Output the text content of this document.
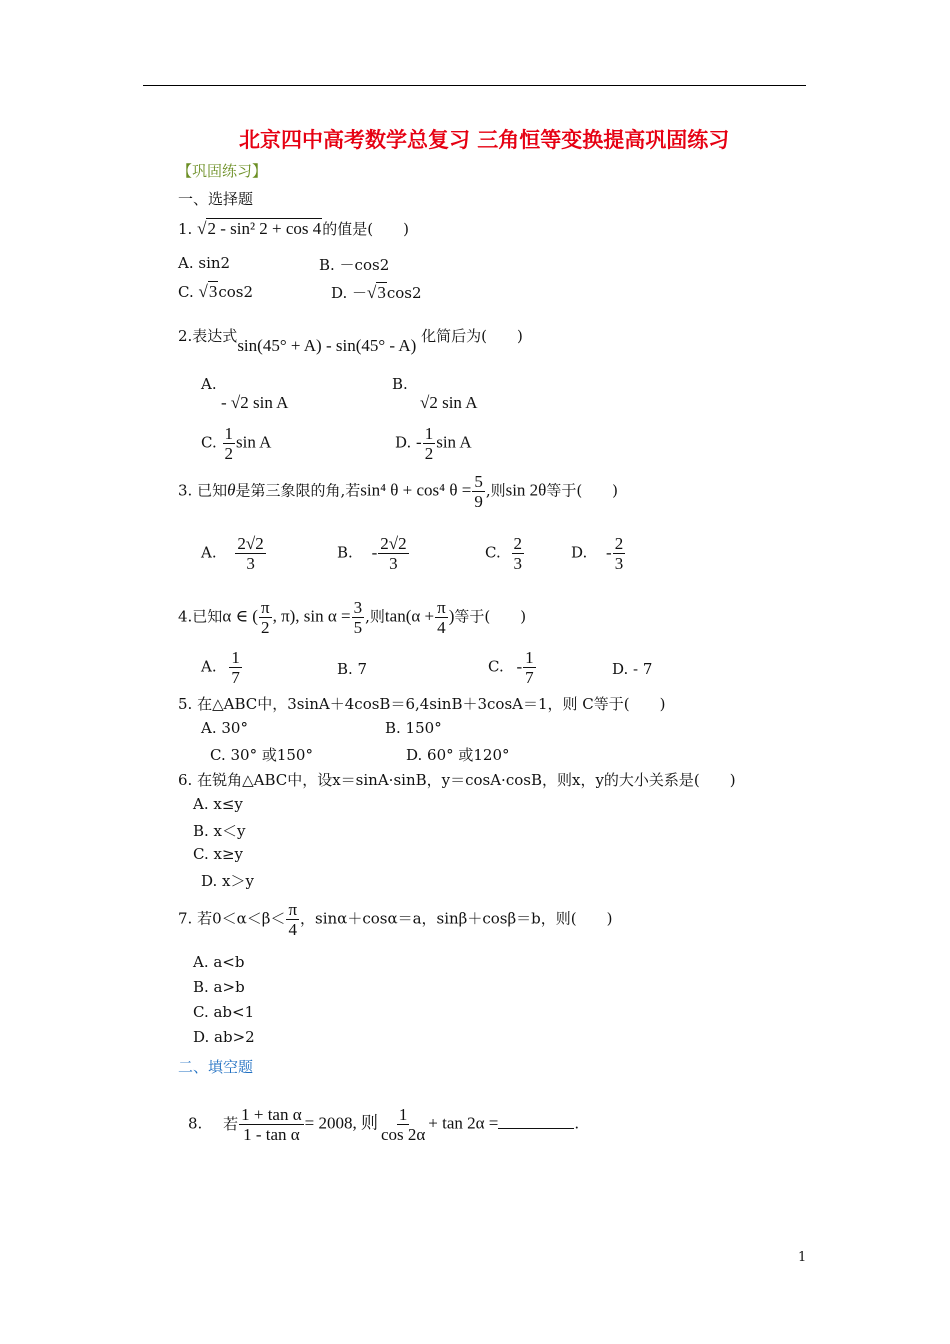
北京四中高考数学总复习 三角恒等变换提高巩固练习
【巩固练习】
一、选择题
1. √2 - sin² 2 + cos 4的值是(　　)
A. sin2	B. －cos2
C. √3cos2	D. －√3cos2
2.表达式sin(45° + A) - sin(45° - A) 化简后为(　　)
A.
- √2 sin A
B.
√2 sin A
C. $\frac{1}{2}$ sin A	D. - $\frac{1}{2}$ sin A
3. 已知θ是第三象限的角,若sin⁴ θ + cos⁴ $\theta = \frac{5}{9}$ ,则sin 2θ等于(　　)
A. $\frac{2√2}{3}$	B. - $\frac{2√2}{3}$	C. $\frac{2}{3}$	D. - $\frac{2}{3}$
4.已知α ∈ ( $\frac{\pi}{2}$ , π), $\sin \alpha = \frac{3}{5}$ ,则$\tan(\alpha + \frac{\pi}{4}$ )等于(　　)
A. $\frac{1}{7}$	B. 7	C. - $\frac{1}{7}$	D. - 7
5. 在△ABC中，3sinA＋4cosB＝6,4sinB＋3cosA＝1，则 C等于(　　)
A. 30°	B. 150°
C. 30° 或150°	D. 60° 或120°
6. 在锐角△ABC中，设x＝sinA·sinB，y＝cosA·cosB，则x，y的大小关系是(　　)
A. x≤y
B. x＜y
C. x≥y
D. x＞y
7. 若$0<\alpha<\beta< \frac{\pi}{4}$ ，sinα＋cosα＝a，sinβ＋cosβ＝b，则(　　)
A. a<b
B. a>b
C. ab<1
D. ab>2
二、填空题
8. 若 $\frac{\text{1 + tan α}}{\text{1 - tan α}} = 2008$, 则 $\frac{1}{\cos 2\alpha} + \tan 2\alpha$ =	.
1
